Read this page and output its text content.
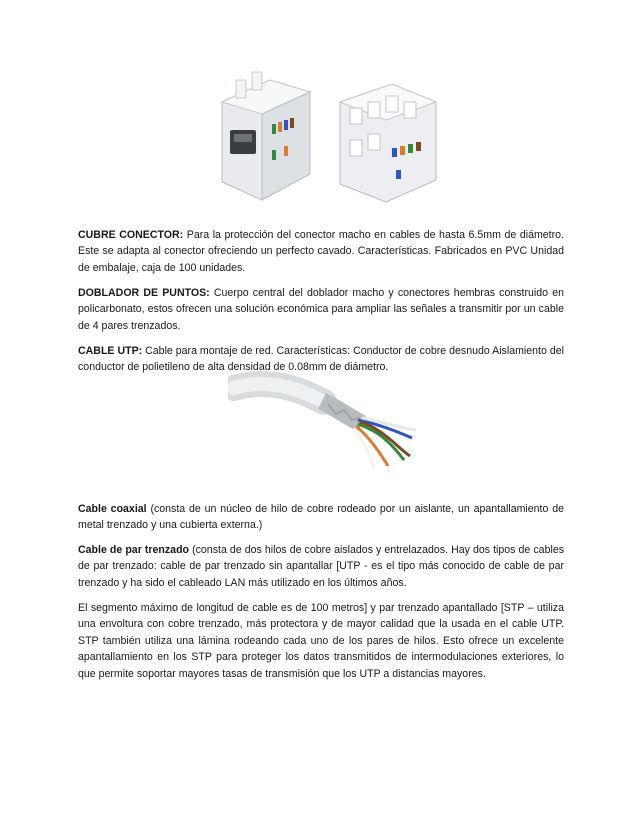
CUBRE CONECTOR: Para la protección del conector macho en cables de hasta 6.5mm de diámetro. Este se adapta al conector ofreciendo un perfecto cavado. Características. Fabricados en PVC Unidad de embalaje, caja de 100 unidades.

DOBLADOR DE PUNTOS: Cuerpo central del doblador macho y conectores hembras construido en policarbonato, estos ofrecen una solución económica para ampliar las señales a transmitir por un cable de 4 pares trenzados.

CABLE UTP: Cable para montaje de red. Características: Conductor de cobre desnudo Aislamiento del conductor de polietileno de alta densidad de 0.08mm de diámetro.

Cable coaxial (consta de un núcleo de hilo de cobre rodeado por un aislante, un apantallamiento de metal trenzado y una cubierta externa.)

Cable de par trenzado (consta de dos hilos de cobre aislados y entrelazados. Hay dos tipos de cables de par trenzado: cable de par trenzado sin apantallar [UTP - es el tipo más conocido de cable de par trenzado y ha sido el cableado LAN más utilizado en los últimos años.

El segmento máximo de longitud de cable es de 100 metros] y par trenzado apantallado [STP – utiliza una envoltura con cobre trenzado, más protectora y de mayor calidad que la usada en el cable UTP. STP también utiliza una lámina rodeando cada uno de los pares de hilos. Esto ofrece un excelente apantallamiento en los STP para proteger los datos transmitidos de intermodulaciones exteriores, lo que permite soportar mayores tasas de transmisión que los UTP a distancias mayores.
